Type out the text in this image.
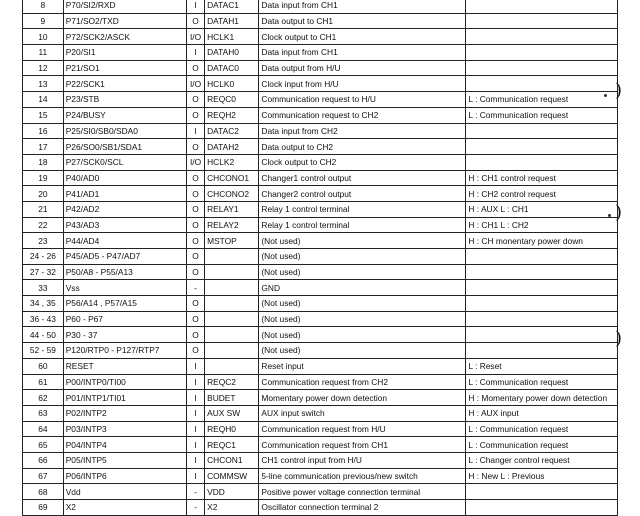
8	P70/SI2/RXD	I	DATAC1	Data input from CH1	
9	P71/SO2/TXD	O	DATAH1	Data output to CH1	
10	P72/SCK2/ASCK	I/O	HCLK1	Clock output to CH1	
11	P20/SI1	I	DATAH0	Data input from CH1	
12	P21/SO1	O	DATAC0	Data output from H/U	
13	P22/SCK1	I/O	HCLK0	Clock input from H/U	
14	P23/STB	O	REQC0	Communication request to H/U	L : Communication request
15	P24/BUSY	O	REQH2	Communication request to CH2	L : Communication request
16	P25/SI0/SB0/SDA0	I	DATAC2	Data input from CH2	
17	P26/SO0/SB1/SDA1	O	DATAH2	Data output to CH2	
18	P27/SCK0/SCL	I/O	HCLK2	Clock output to CH2	
19	P40/AD0	O	CHCONO1	Changer1 control output	H : CH1 control request
20	P41/AD1	O	CHCONO2	Changer2 control output	H : CH2 control request
21	P42/AD2	O	RELAY1	Relay 1 control terminal	H : AUX L : CH1
22	P43/AD3	O	RELAY2	Relay 1 control terminal	H : CH1 L : CH2
23	P44/AD4	O	MSTOP	(Not used)	H : CH monentary power down
24 - 26	P45/AD5 - P47/AD7	O		(Not used)	
27 - 32	P50/A8 - P55/A13	O		(Not used)	
33	Vss	-		GND	
34 , 35	P56/A14 , P57/A15	O		(Not used)	
36 - 43	P60 - P67	O		(Not used)	
44 - 50	P30 - 37	O		(Not used)	
52 - 59	P120/RTP0 - P127/RTP7	O		(Not used)	
60	RESET	I		Reset input	L : Reset
61	P00/INTP0/TI00	I	REQC2	Communication request from CH2	L : Communication request
62	P01/INTP1/TI01	I	BUDET	Momentary power down detection	H : Momentary power down detection
63	P02/INTP2	I	AUX SW	AUX input switch	H : AUX input
64	P03/INTP3	I	REQH0	Communication request from H/U	L : Communication request
65	P04/INTP4	I	REQC1	Communication request from CH1	L : Communication request
66	P05/INTP5	I	CHCON1	CH1 control input from H/U	L : Changer control request
67	P06/INTP6	I	COMMSW	5-line communication previous/new switch	H : New L : Previous
68	Vdd	-	VDD	Positive power voltage connection terminal	
69	X2	-	X2	Oscillator connection terminal 2	
)
)
)
